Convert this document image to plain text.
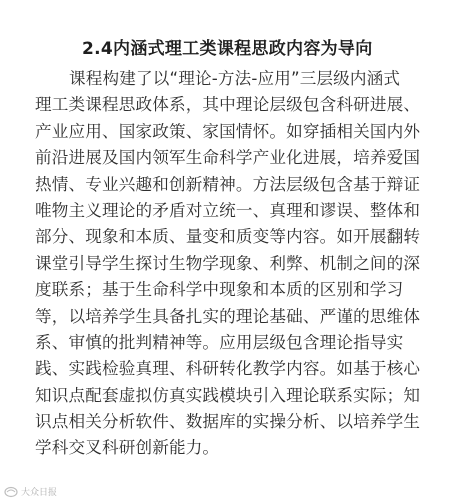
2.4内涵式理工类课程思政内容为导向
课程构建了以“理论-方法-应用”三层级内涵式
理工类课程思政体系，其中理论层级包含科研进展、
产业应用、国家政策、家国情怀。如穿插相关国内外
前沿进展及国内领军生命科学产业化进展，培养爱国
热情、专业兴趣和创新精神。方法层级包含基于辩证
唯物主义理论的矛盾对立统一、真理和谬误、整体和
部分、现象和本质、量变和质变等内容。如开展翻转
课堂引导学生探讨生物学现象、利弊、机制之间的深
度联系；基于生命科学中现象和本质的区别和学习
等，以培养学生具备扎实的理论基础、严谨的思维体
系、审慎的批判精神等。应用层级包含理论指导实
践、实践检验真理、科研转化教学内容。如基于核心
知识点配套虚拟仿真实践模块引入理论联系实际；知
识点相关分析软件、数据库的实操分析、以培养学生
学科交叉科研创新能力。
大众日报
